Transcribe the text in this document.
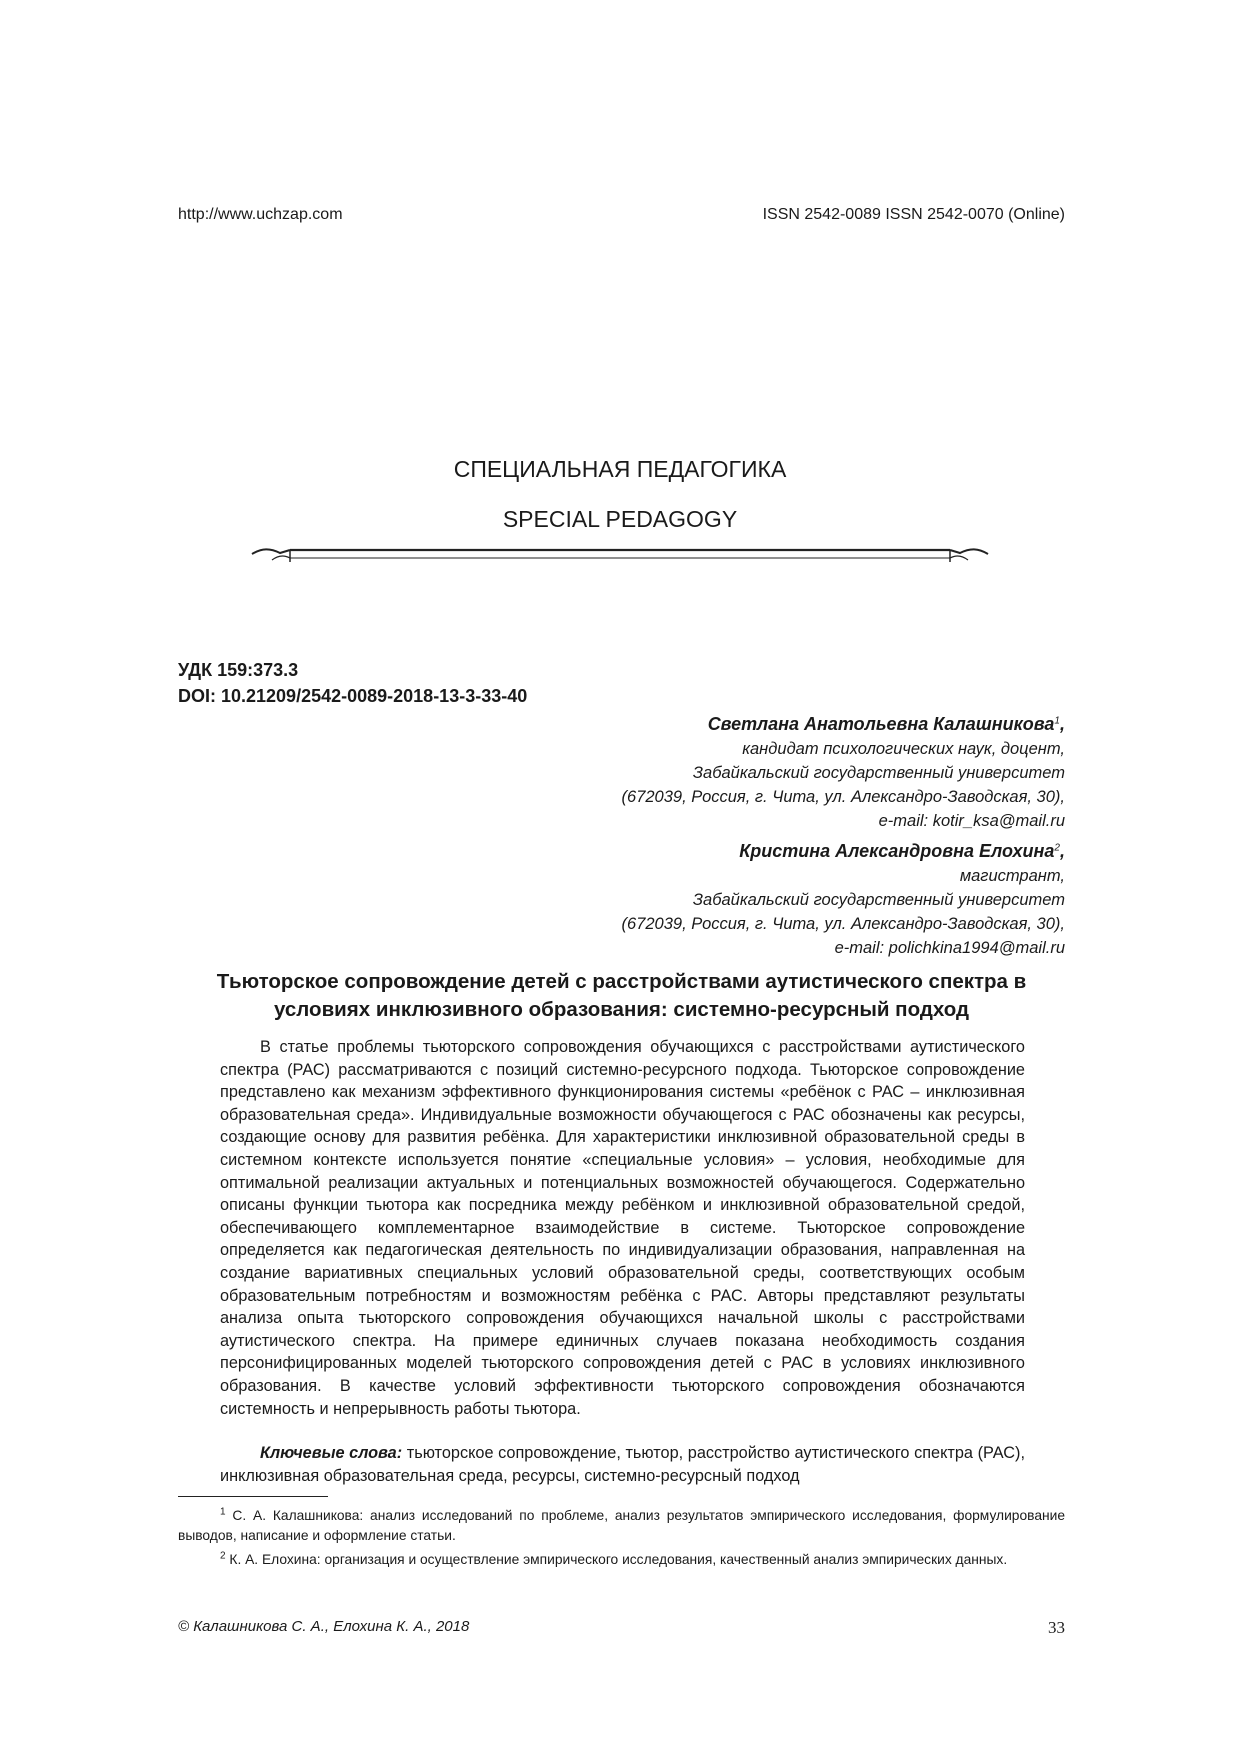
http://www.uchzap.com	ISSN 2542-0089 ISSN 2542-0070 (Online)
СПЕЦИАЛЬНАЯ ПЕДАГОГИКА
SPECIAL PEDAGOGY
УДК 159:373.3
DOI: 10.21209/2542-0089-2018-13-3-33-40
Светлана Анатольевна Калашникова$^1$,
кандидат психологических наук, доцент,
Забайкальский государственный университет
(672039, Россия, г. Чита, ул. Александро-Заводская, 30),
e-mail: kotir_ksa@mail.ru
Кристина Александровна Елохина$^2$,
магистрант,
Забайкальский государственный университет
(672039, Россия, г. Чита, ул. Александро-Заводская, 30),
e-mail: polichkina1994@mail.ru
Тьюторское сопровождение детей с расстройствами аутистического спектра в условиях инклюзивного образования: системно-ресурсный подход

В статье проблемы тьюторского сопровождения обучающихся с расстройствами аутистического спектра (РАС) рассматриваются с позиций системно-ресурсного подхода. Тьюторское сопровождение представлено как механизм эффективного функционирования системы «ребёнок с РАС – инклюзивная образовательная среда». Индивидуальные возможности обучающегося с РАС обозначены как ресурсы, создающие основу для развития ребёнка. Для характеристики инклюзивной образовательной среды в системном контексте используется понятие «специальные условия» – условия, необходимые для оптимальной реализации актуальных и потенциальных возможностей обучающегося. Содержательно описаны функции тьютора как посредника между ребёнком и инклюзивной образовательной средой, обеспечивающего комплементарное взаимодействие в системе. Тьюторское сопровождение определяется как педагогическая деятельность по индивидуализации образования, направленная на создание вариативных специальных условий образовательной среды, соответствующих особым образовательным потребностям и возможностям ребёнка с РАС. Авторы представляют результаты анализа опыта тьюторского сопровождения обучающихся начальной школы с расстройствами аутистического спектра. На примере единичных случаев показана необходимость создания персонифицированных моделей тьюторского сопровождения детей с РАС в условиях инклюзивного образования. В качестве условий эффективности тьюторского сопровождения обозначаются системность и непрерывность работы тьютора.

Ключевые слова: тьюторское сопровождение, тьютор, расстройство аутистического спектра (РАС), инклюзивная образовательная среда, ресурсы, системно-ресурсный подход

$^1$ С. А. Калашникова: анализ исследований по проблеме, анализ результатов эмпирического исследования, формулирование выводов, написание и оформление статьи.

$^2$ К. А. Елохина: организация и осуществление эмпирического исследования, качественный анализ эмпирических данных.

© Калашникова С. А., Елохина К. А., 2018	33
